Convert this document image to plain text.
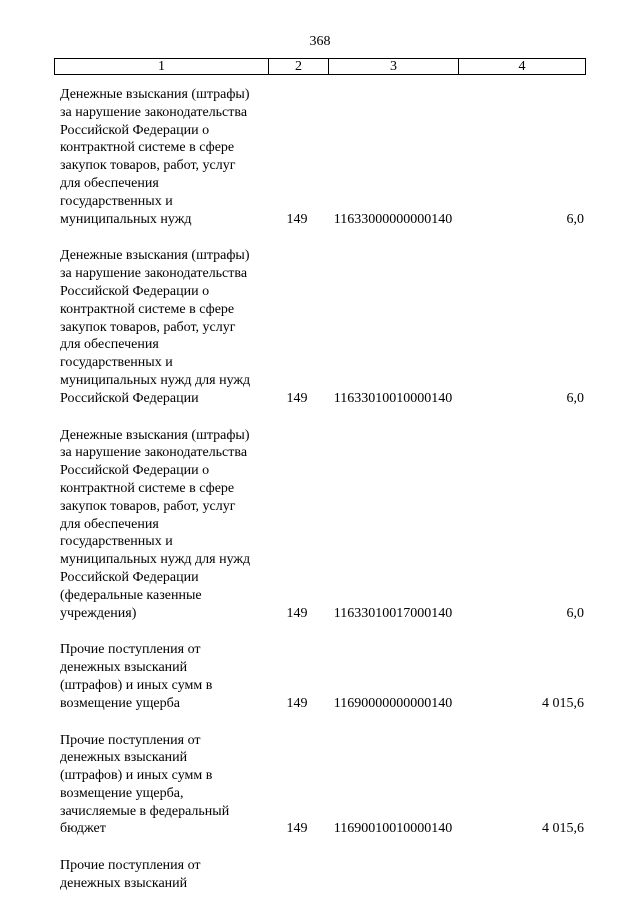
368
1	2	3	4
Денежные взыскания (штрафы)
за нарушение законодательства
Российской Федерации о
контрактной системе в сфере
закупок товаров, работ, услуг
для обеспечения
государственных и
муниципальных нужд	149	11633000000000140	6,0
Денежные взыскания (штрафы)
за нарушение законодательства
Российской Федерации о
контрактной системе в сфере
закупок товаров, работ, услуг
для обеспечения
государственных и
муниципальных нужд для нужд
Российской Федерации	149	11633010010000140	6,0
Денежные взыскания (штрафы)
за нарушение законодательства
Российской Федерации о
контрактной системе в сфере
закупок товаров, работ, услуг
для обеспечения
государственных и
муниципальных нужд для нужд
Российской Федерации
(федеральные казенные
учреждения)	149	11633010017000140	6,0
Прочие поступления от
денежных взысканий
(штрафов) и иных сумм в
возмещение ущерба	149	11690000000000140	4 015,6
Прочие поступления от
денежных взысканий
(штрафов) и иных сумм в
возмещение ущерба,
зачисляемые в федеральный
бюджет	149	11690010010000140	4 015,6
Прочие поступления от
денежных взысканий
